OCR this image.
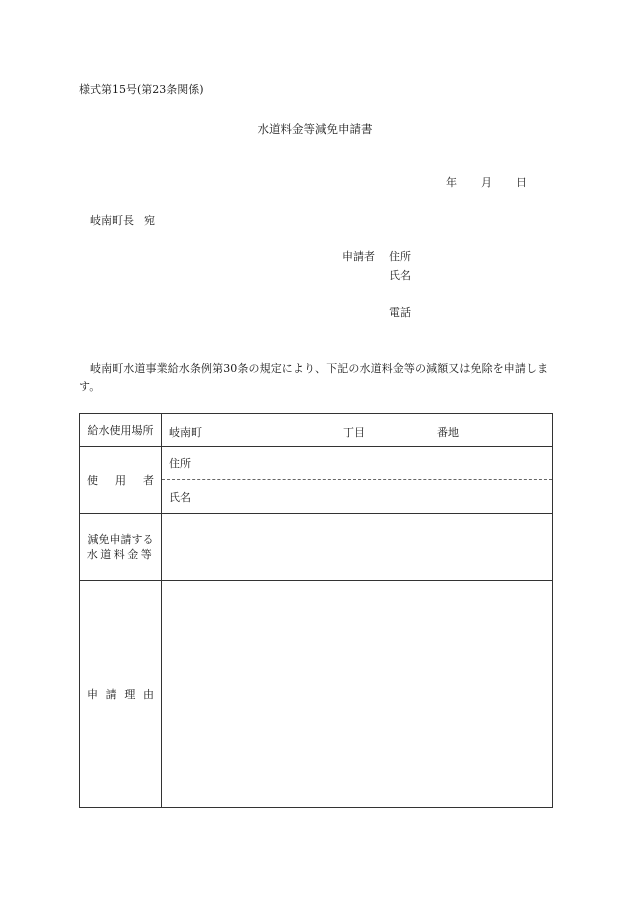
様式第15号(第23条関係)
水道料金等減免申請書
年 月 日
岐南町長 宛
申請者 住所
氏名
電話
岐南町水道事業給水条例第30条の規定により、下記の水道料金等の減額又は免除を申請します。
給水使用場所	岐南町 丁目 番地

使 用 者	住所

	氏名

減免申請する
水道料金等	

申 請 理 由	
